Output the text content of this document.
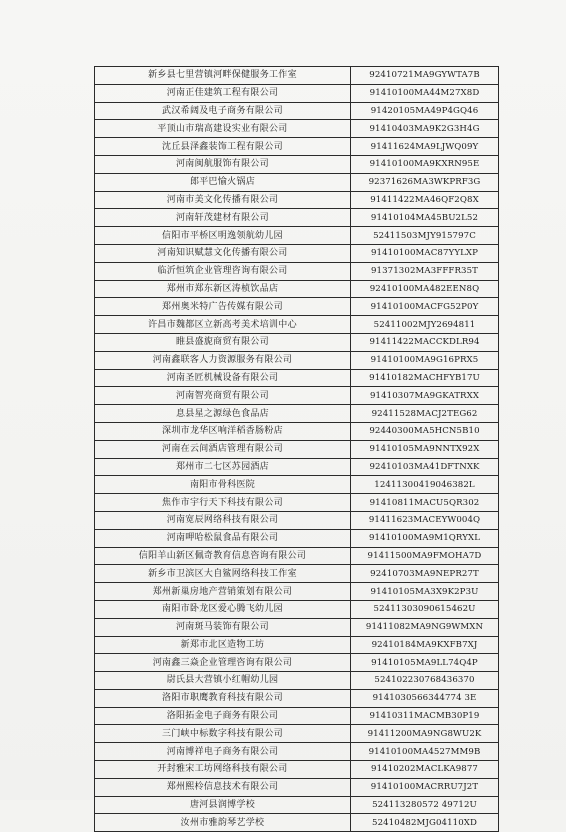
新乡县七里营镇河畔保健服务工作室	92410721MA9GYWTA7B
河南正佳建筑工程有限公司	91410100MA44M27X8D
武汉希阔及电子商务有限公司	91420105MA49P4GQ46
平顶山市瑞高建设实业有限公司	91410403MA9K2G3H4G
沈丘县泽鑫装饰工程有限公司	91411624MA9LJWQ09Y
河南闽航服饰有限公司	91410100MA9KXRN95E
郎平巴愉火锅店	92371626MA3WKPRF3G
河南市美文化传播有限公司	91411422MA46QF2Q8X
河南轩茂建材有限公司	91410104MA45BU2L52
信阳市平桥区明逸领航幼儿园	52411503MJY915797C
河南知识赋慧文化传播有限公司	91410100MAC87YYLXP
临沂恒筑企业管理咨询有限公司	91371302MA3FFFR35T
郑州市郑东新区涛桢饮品店	92410100MA482EEN8Q
郑州奥米特广告传媒有限公司	91410100MACFG52P0Y
许昌市魏都区立新高考美术培训中心	52411002MJY2694811
睢县盛旎商贸有限公司	91411422MACCKDLR94
河南鑫联客人力资源服务有限公司	91410100MA9G16PRX5
河南圣匠机械设备有限公司	91410182MACHFYB17U
河南智亮商贸有限公司	91410307MA9GKATRXX
息县星之源绿色食品店	92411528MACJ2TEG62
深圳市龙华区响洋稻香肠粉店	92440300MA5HCN5B10
河南在云间酒店管理有限公司	91410105MA9NNTX92X
郑州市二七区苏园酒店	92410103MA41DFTNXK
南阳市骨科医院	12411300419046382L
焦作市宇行天下科技有限公司	91410811MACU5QR302
河南宽辰网络科技有限公司	91411623MACEYW004Q
河南呷哈松鼠食品有限公司	91410100MA9M1QRYXL
信阳羊山新区佩奇教育信息咨询有限公司	91411500MA9FMOHA7D
新乡市卫滨区大自鲨网络科技工作室	92410703MA9NEPR27T
郑州新巢房地产营销策划有限公司	91410105MA3X9K2P3U
南阳市卧龙区爱心腾飞幼儿园	52411303090615462U
河南斑马装饰有限公司	91411082MA9NG9WMXN
新郑市北区造物工坊	92410184MA9KXFB7XJ
河南鑫三焱企业管理咨询有限公司	91410105MA9LL74Q4P
尉氏县大营镇小红帽幼儿园	524102230768436370
洛阳市职鹰教育科技有限公司	9141030566344774 3E
洛阳拓金电子商务有限公司	91410311MACMB30P19
三门峡中标数字科技有限公司	91411200MA9NG8WU2K
河南博祥电子商务有限公司	91410100MA4527MM9B
开封雅宋工坊网络科技有限公司	91410202MACLKA9877
郑州熙柃信息技术有限公司	91410100MACRRU7J2T
唐河县润博学校	524113280572 49712U
汝州市雅韵琴艺学校	52410482MJG04110XD
